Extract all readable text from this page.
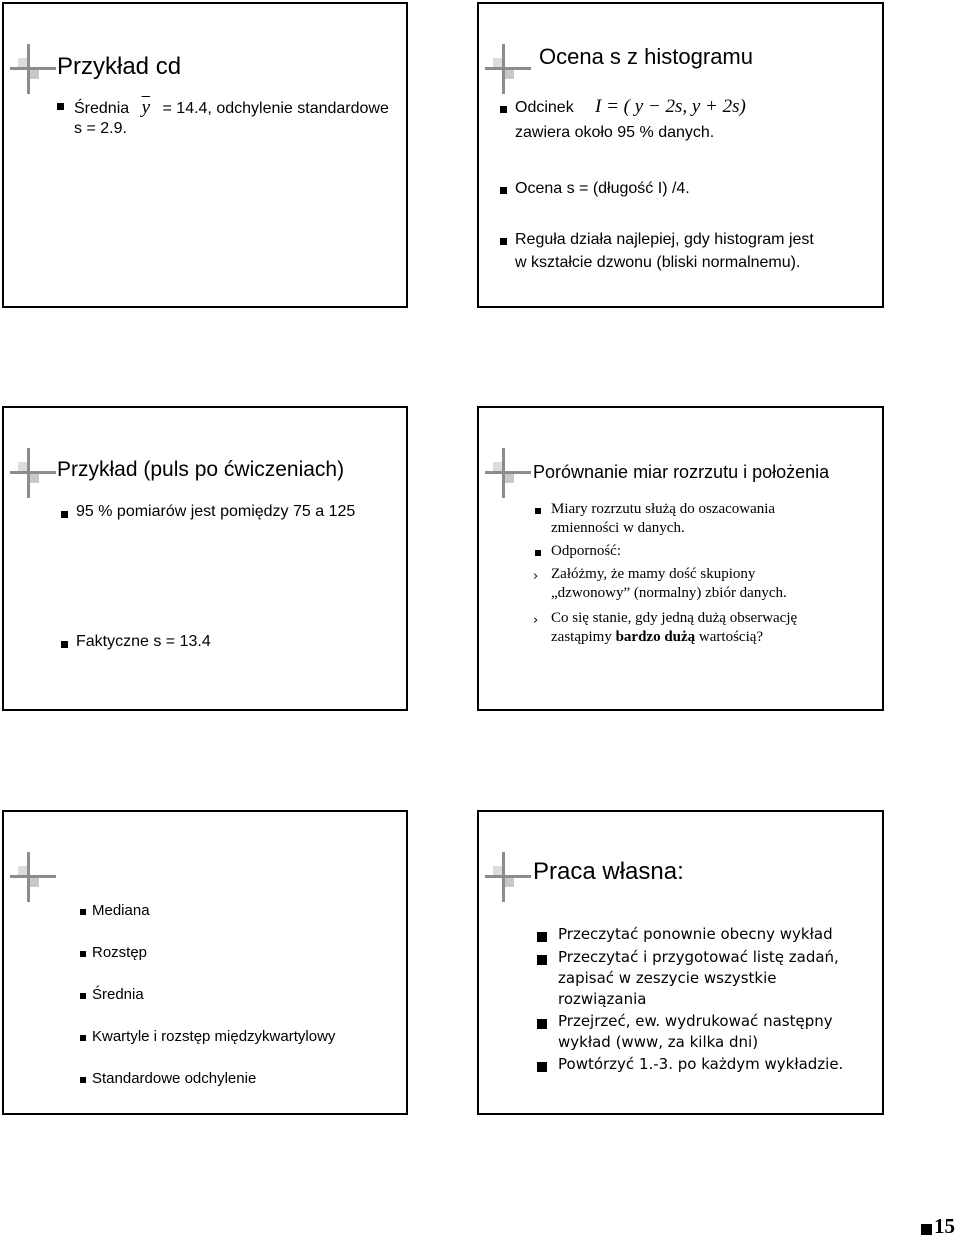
Przykład cd
Średnia $\overline{y} = 14.4$, odchylenie standardowe
s = 2.9.
Ocena s z histogramu
Odcinek I = ( y − 2s, y + 2s)
zawiera około 95 % danych.
Ocena s = (długość I) /4.
Reguła działa najlepiej, gdy histogram jest
w kształcie dzwonu (bliski normalnemu).
Przykład (puls po ćwiczeniach)
95 % pomiarów jest pomiędzy 75 a 125
Faktyczne s = 13.4
Porównanie miar rozrzutu i położenia
Miary rozrzutu służą do oszacowania
zmienności w danych.
Odporność:
› Załóżmy, że mamy dość skupiony
„dzwonowy” (normalny) zbiór danych.
› Co się stanie, gdy jedną dużą obserwację
zastąpimy bardzo dużą wartością?
Mediana
Rozstęp
Średnia
Kwartyle i rozstęp międzykwartylowy
Standardowe odchylenie
Praca własna:
Przeczytać ponownie obecny wykład
Przeczytać i przygotować listę zadań,
zapisać w zeszycie wszystkie
rozwiązania
Przejrzeć, ew. wydrukować następny
wykład (www, za kilka dni)
Powtórzyć 1.-3. po każdym wykładzie.
15
